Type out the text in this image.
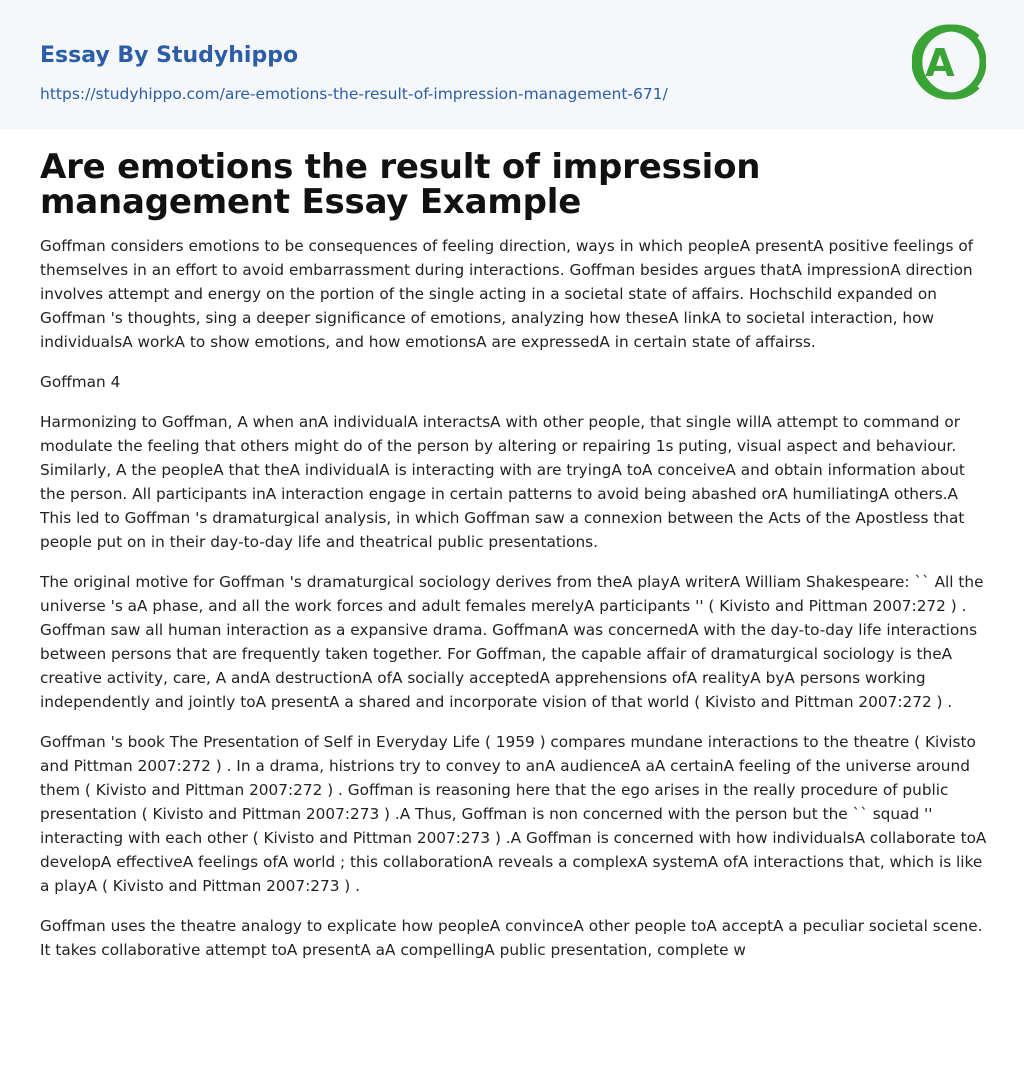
Essay By Studyhippo
https://studyhippo.com/are-emotions-the-result-of-impression-management-671/
A
Are emotions the result of impression management Essay Example

Goffman considers emotions to be consequences of feeling direction, ways in which peopleA presentA positive feelings of themselves in an effort to avoid embarrassment during interactions. Goffman besides argues thatA impressionA direction involves attempt and energy on the portion of the single acting in a societal state of affairs. Hochschild expanded on Goffman 's thoughts, sing a deeper significance of emotions, analyzing how theseA linkA to societal interaction, how individualsA workA to show emotions, and how emotionsA are expressedA in certain state of affairss.

Goffman 4

Harmonizing to Goffman, A when anA individualA interactsA with other people, that single willA attempt to command or modulate the feeling that others might do of the person by altering or repairing 1s puting, visual aspect and behaviour. Similarly, A the peopleA that theA individualA is interacting with are tryingA toA conceiveA and obtain information about the person. All participants inA interaction engage in certain patterns to avoid being abashed orA humiliatingA others.A This led to Goffman 's dramaturgical analysis, in which Goffman saw a connexion between the Acts of the Apostless that people put on in their day-to-day life and theatrical public presentations.

The original motive for Goffman 's dramaturgical sociology derives from theA playA writerA William Shakespeare: `` All the universe 's aA phase, and all the work forces and adult females merelyA participants '' ( Kivisto and Pittman 2007:272 ) . Goffman saw all human interaction as a expansive drama. GoffmanA was concernedA with the day-to-day life interactions between persons that are frequently taken together. For Goffman, the capable affair of dramaturgical sociology is theA creative activity, care, A andA destructionA ofA socially acceptedA apprehensions ofA realityA byA persons working independently and jointly toA presentA a shared and incorporate vision of that world ( Kivisto and Pittman 2007:272 ) .

Goffman 's book The Presentation of Self in Everyday Life ( 1959 ) compares mundane interactions to the theatre ( Kivisto and Pittman 2007:272 ) . In a drama, histrions try to convey to anA audienceA aA certainA feeling of the universe around them ( Kivisto and Pittman 2007:272 ) . Goffman is reasoning here that the ego arises in the really procedure of public presentation ( Kivisto and Pittman 2007:273 ) .A Thus, Goffman is non concerned with the person but the `` squad '' interacting with each other ( Kivisto and Pittman 2007:273 ) .A Goffman is concerned with how individualsA collaborate toA developA effectiveA feelings ofA world ; this collaborationA reveals a complexA systemA ofA interactions that, which is like a playA ( Kivisto and Pittman 2007:273 ) .

Goffman uses the theatre analogy to explicate how peopleA convinceA other people toA acceptA a peculiar societal scene. It takes collaborative attempt toA presentA aA compellingA public presentation, complete w
